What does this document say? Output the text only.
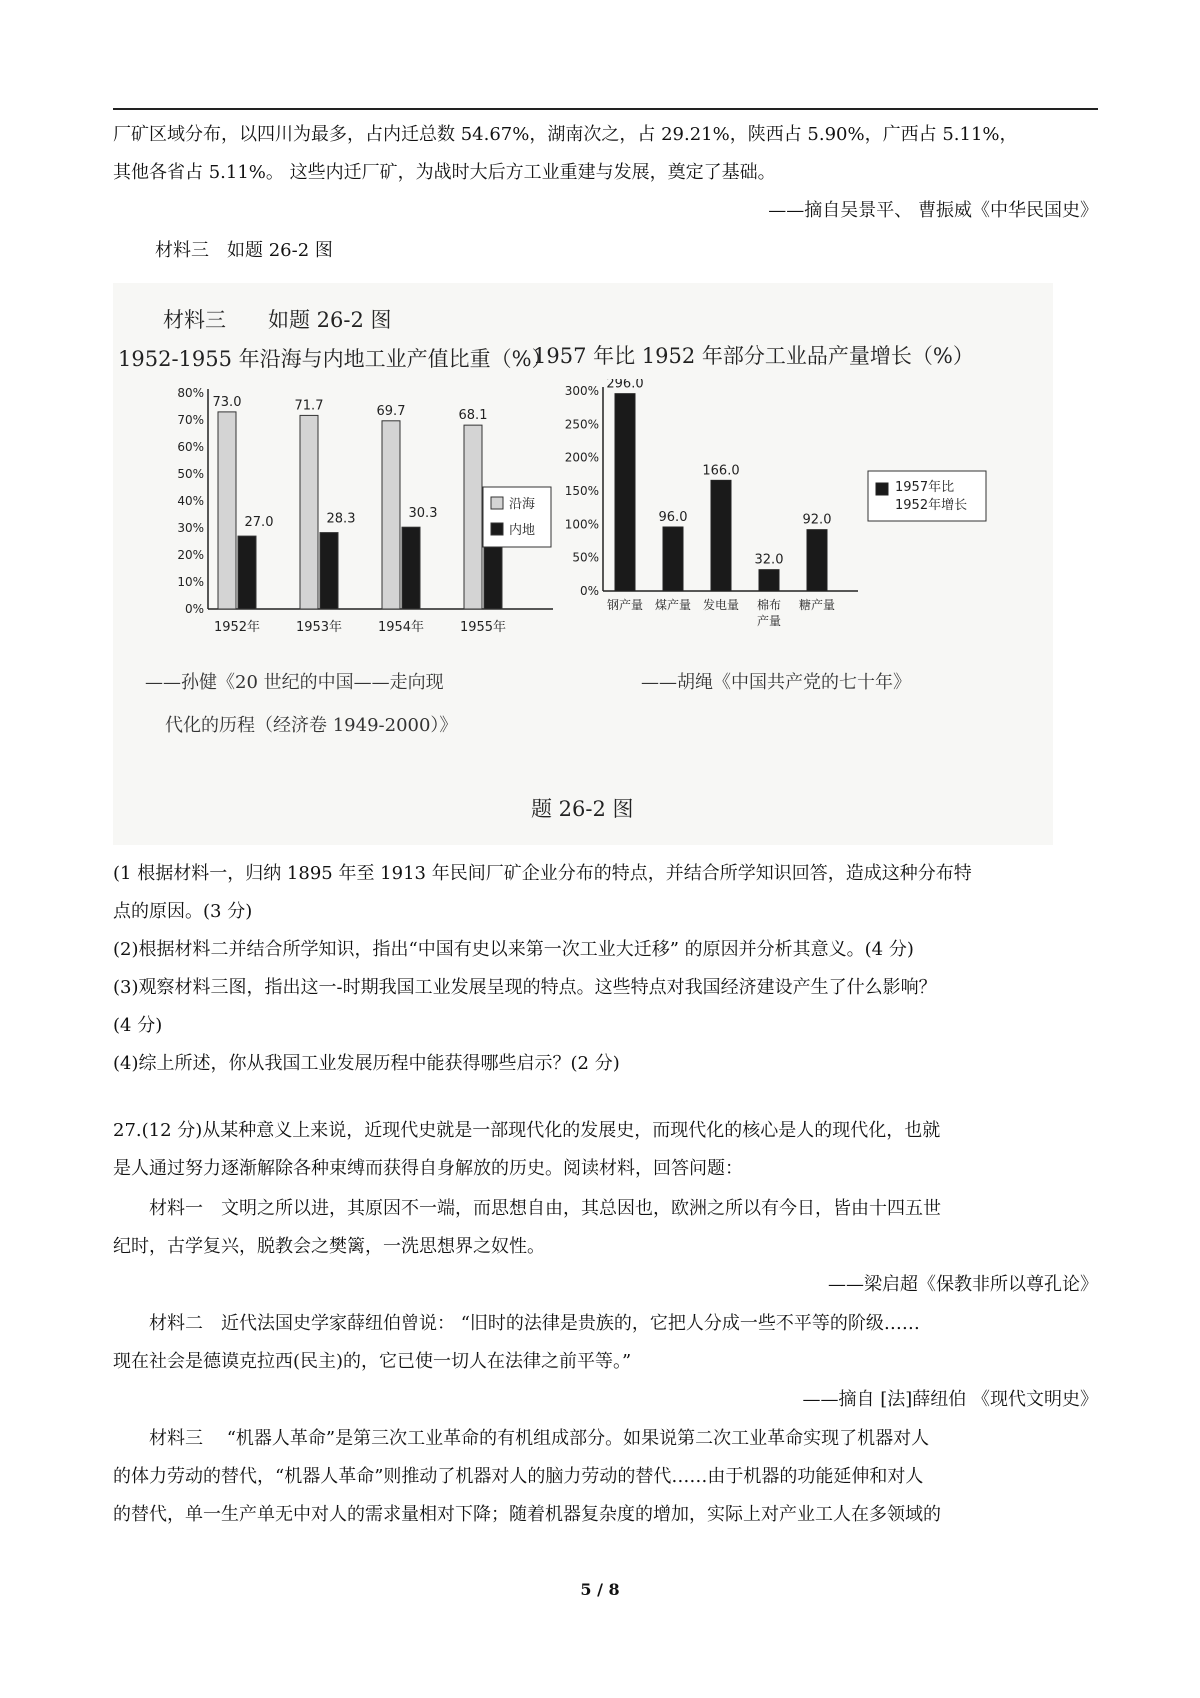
厂矿区域分布，以四川为最多，占内迁总数 54.67%，湖南次之，占 29.21%，陕西占 5.90%，广西占 5.11%，

其他各省占 5.11%。 这些内迁厂矿，为战时大后方工业重建与发展，奠定了基础。

——摘自吴景平、 曹振威《中华民国史》
材料三　如题 26-2 图
材料三　　如题 26-2 图
1952-1955 年沿海与内地工业产值比重（%）
1957 年比 1952 年部分工业品产量增长（%）
0%
10%
20%
30%
40%
50%
60%
70%
80%
73.0
27.0
1952年
71.7
28.3
1953年
69.7
30.3
1954年
68.1
1955年
沿海
内地
0%
50%
100%
150%
200%
250%
300% 296.0
钢产量
96.0
煤产量
166.0
发电量
32.0
棉布
产量
92.0
糖产量
1957年比
1952年增长
——孙健《20 世纪的中国——走向现
代化的历程（经济卷 1949-2000）》
——胡绳《中国共产党的七十年》
题 26-2 图

(1 根据材料一，归纳 1895 年至 1913 年民间厂矿企业分布的特点，并结合所学知识回答，造成这种分布特

点的原因。(3 分)

(2)根据材料二并结合所学知识，指出“中国有史以来第一次工业大迁移” 的原因并分析其意义。(4 分)

(3)观察材料三图，指出这一-时期我国工业发展呈现的特点。这些特点对我国经济建设产生了什么影响？

(4 分)

(4)综上所述，你从我国工业发展历程中能获得哪些启示？(2 分)

27.(12 分)从某种意义上来说，近现代史就是一部现代化的发展史，而现代化的核心是人的现代化，也就

是人通过努力逐渐解除各种束缚而获得自身解放的历史。阅读材料，回答问题：

材料一　文明之所以进，其原因不一端，而思想自由，其总因也，欧洲之所以有今日，皆由十四五世

纪时，古学复兴，脱教会之樊篱，一洗思想界之奴性。

——梁启超《保教非所以尊孔论》

材料二　近代法国史学家薛纽伯曾说： “旧时的法律是贵族的，它把人分成一些不平等的阶级……

现在社会是德谟克拉西(民主)的，它已使一切人在法律之前平等。”

——摘自 [法]薛纽伯 《现代文明史》

材料三　 “机器人革命”是第三次工业革命的有机组成部分。如果说第二次工业革命实现了机器对人

的体力劳动的替代，“机器人革命”则推动了机器对人的脑力劳动的替代……由于机器的功能延伸和对人

的替代，单一生产单无中对人的需求量相对下降；随着机器复杂度的增加，实际上对产业工人在多领域的

5 / 8
